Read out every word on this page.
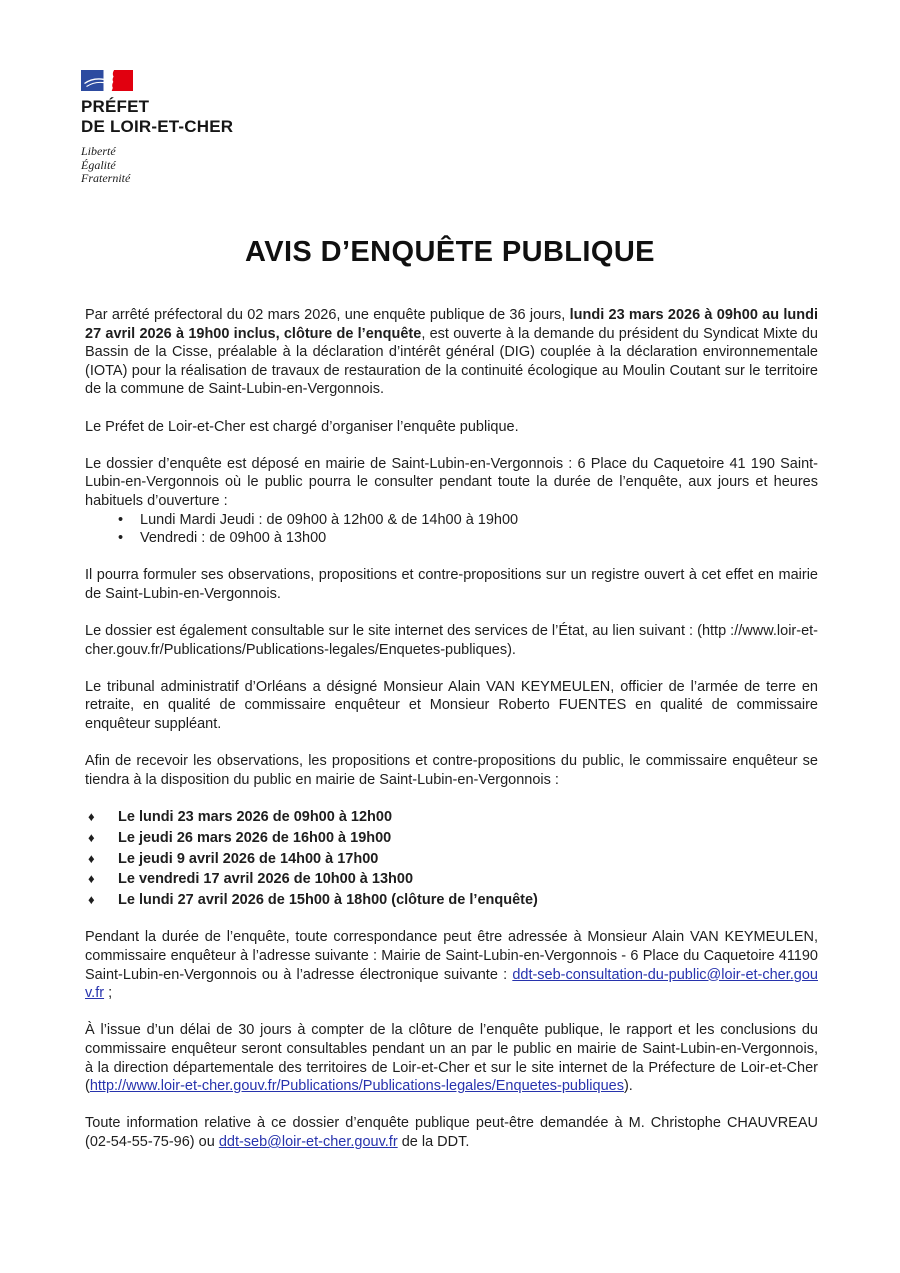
PRÉFET
DE LOIR-ET-CHER
Liberté
Égalité
Fraternité
AVIS D’ENQUÊTE PUBLIQUE

Par arrêté préfectoral du 02 mars 2026, une enquête publique de 36 jours, lundi 23 mars 2026 à 09h00 au lundi 27 avril 2026 à 19h00 inclus, clôture de l’enquête, est ouverte à la demande du président du Syndicat Mixte du Bassin de la Cisse, préalable à la déclaration d’intérêt général (DIG) couplée à la déclaration environnementale (IOTA) pour la réalisation de travaux de restauration de la continuité écologique au Moulin Coutant sur le territoire de la commune de Saint-Lubin-en-Vergonnois.

Le Préfet de Loir-et-Cher est chargé d’organiser l’enquête publique.

Le dossier d’enquête est déposé en mairie de Saint-Lubin-en-Vergonnois : 6 Place du Caquetoire 41 190 Saint-Lubin-en-Vergonnois où le public pourra le consulter pendant toute la durée de l’enquête, aux jours et heures habituels d’ouverture :

• Lundi Mardi Jeudi : de 09h00 à 12h00 & de 14h00 à 19h00
• Vendredi : de 09h00 à 13h00

Il pourra formuler ses observations, propositions et contre-propositions sur un registre ouvert à cet effet en mairie de Saint-Lubin-en-Vergonnois.

Le dossier est également consultable sur le site internet des services de l’État, au lien suivant : (http ://www.loir-et-cher.gouv.fr/Publications/Publications-legales/Enquetes-publiques).

Le tribunal administratif d’Orléans a désigné Monsieur Alain VAN KEYMEULEN, officier de l’armée de terre en retraite, en qualité de commissaire enquêteur et Monsieur Roberto FUENTES en qualité de commissaire enquêteur suppléant.

Afin de recevoir les observations, les propositions et contre-propositions du public, le commissaire enquêteur se tiendra à la disposition du public en mairie de Saint-Lubin-en-Vergonnois :

♦ Le lundi 23 mars 2026 de 09h00 à 12h00
♦ Le jeudi 26 mars 2026 de 16h00 à 19h00
♦ Le jeudi 9 avril 2026 de 14h00 à 17h00
♦ Le vendredi 17 avril 2026 de 10h00 à 13h00
♦ Le lundi 27 avril 2026 de 15h00 à 18h00 (clôture de l’enquête)

Pendant la durée de l’enquête, toute correspondance peut être adressée à Monsieur Alain VAN KEYMEULEN, commissaire enquêteur à l’adresse suivante : Mairie de Saint-Lubin-en-Vergonnois - 6 Place du Caquetoire 41190 Saint-Lubin-en-Vergonnois ou à l’adresse électronique suivante : ddt-seb-consultation-du-public@loir-et-cher.gouv.fr ;

À l’issue d’un délai de 30 jours à compter de la clôture de l’enquête publique, le rapport et les conclusions du commissaire enquêteur seront consultables pendant un an par le public en mairie de Saint-Lubin-en-Vergonnois, à la direction départementale des territoires de Loir-et-Cher et sur le site internet de la Préfecture de Loir-et-Cher (http://www.loir-et-cher.gouv.fr/Publications/Publications-legales/Enquetes-publiques).

Toute information relative à ce dossier d’enquête publique peut-être demandée à M. Christophe CHAUVREAU (02-54-55-75-96) ou ddt-seb@loir-et-cher.gouv.fr de la DDT.
